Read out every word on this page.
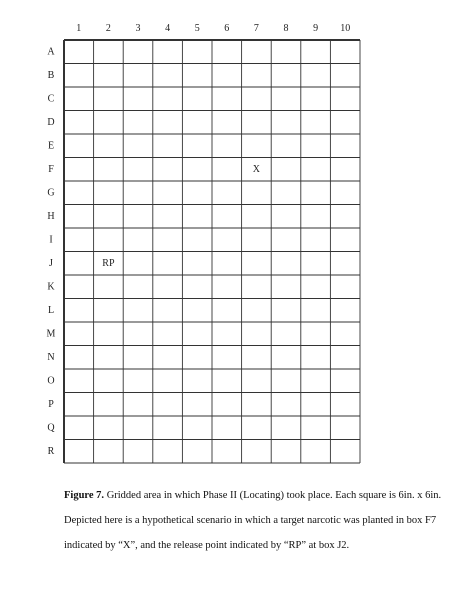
1 2 3 4 5 6 7 8 9 10
A
B
C
D
E
F
G
H
I
J
K
L
M
N
O
P
Q
R
X
RP
Figure 7. Gridded area in which Phase II (Locating) took place. Each square is 6in. x 6in.
Depicted here is a hypothetical scenario in which a target narcotic was planted in box F7
indicated by “X”, and the release point indicated by “RP” at box J2.
